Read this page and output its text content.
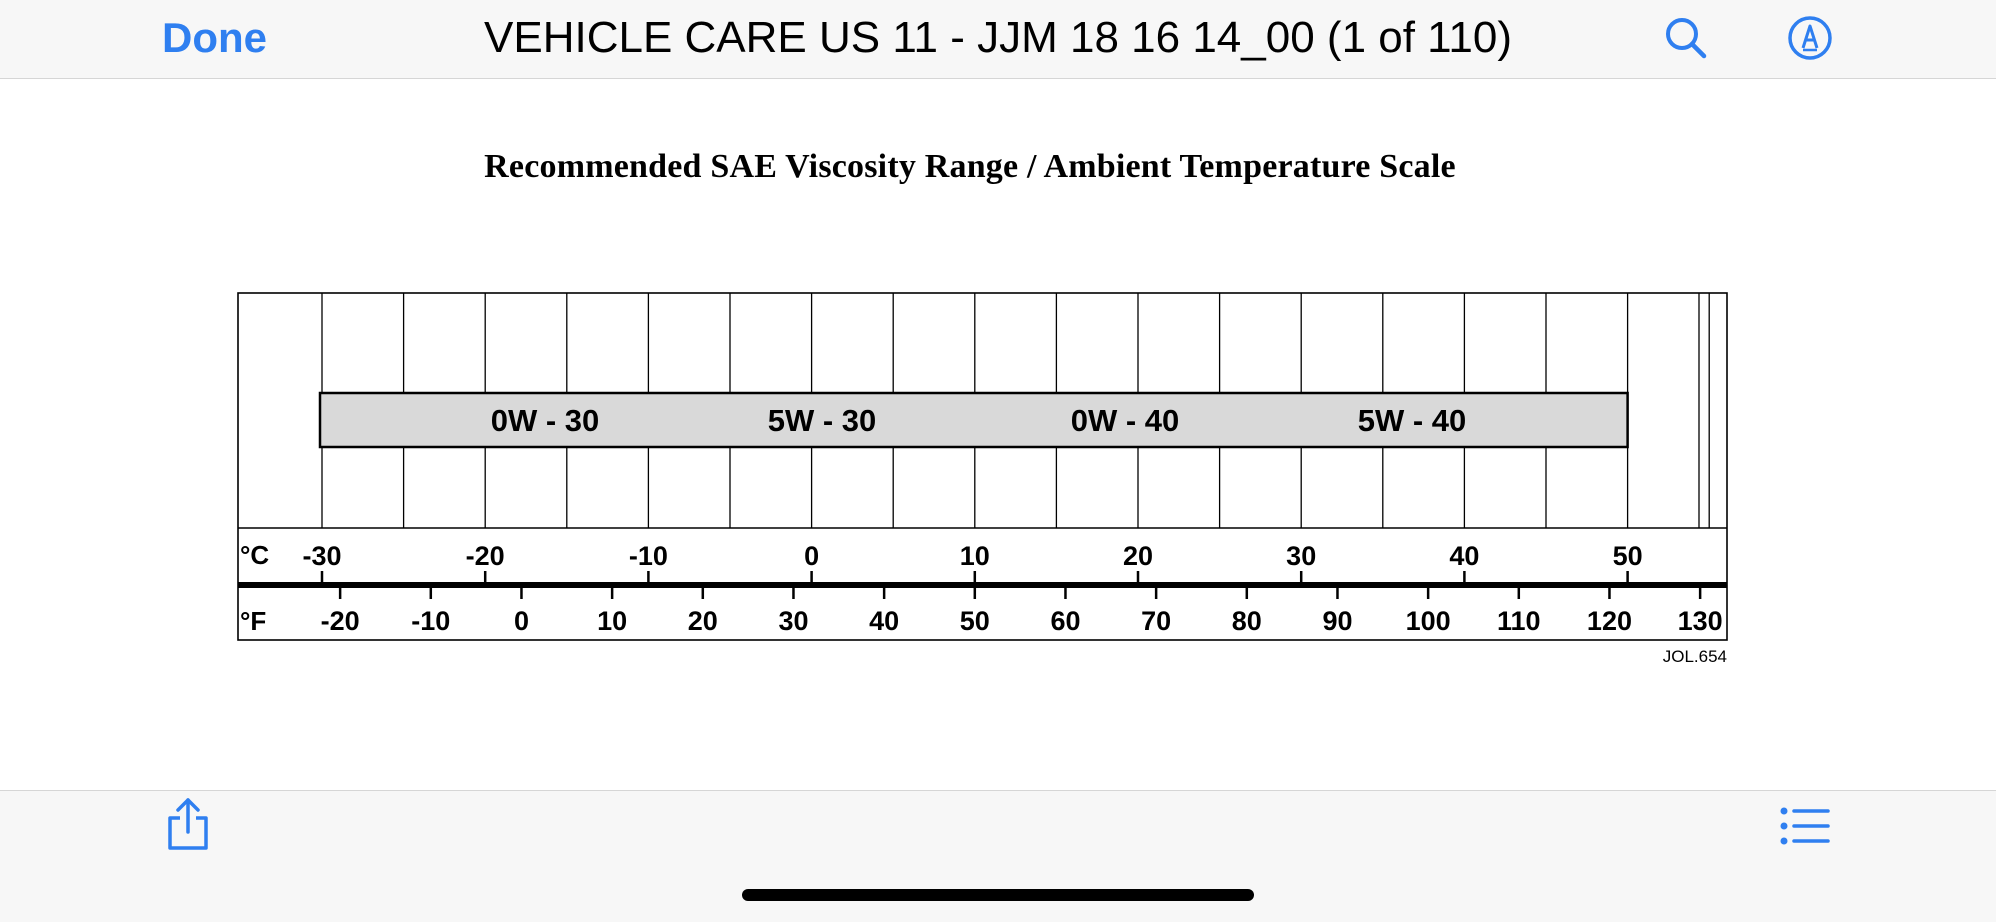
Done	VEHICLE CARE US 11 - JJM 18 16 14_00 (1 of 110)
Recommended SAE Viscosity Range / Ambient Temperature Scale
0W - 30	5W - 30	0W - 40	5W - 40
°C
°F
-30	-20	-10	0	10	20	30	40	50
-20 -10 0	10 20 30 40 50 60 70 80 90 100 110 120 130
JOL.654
